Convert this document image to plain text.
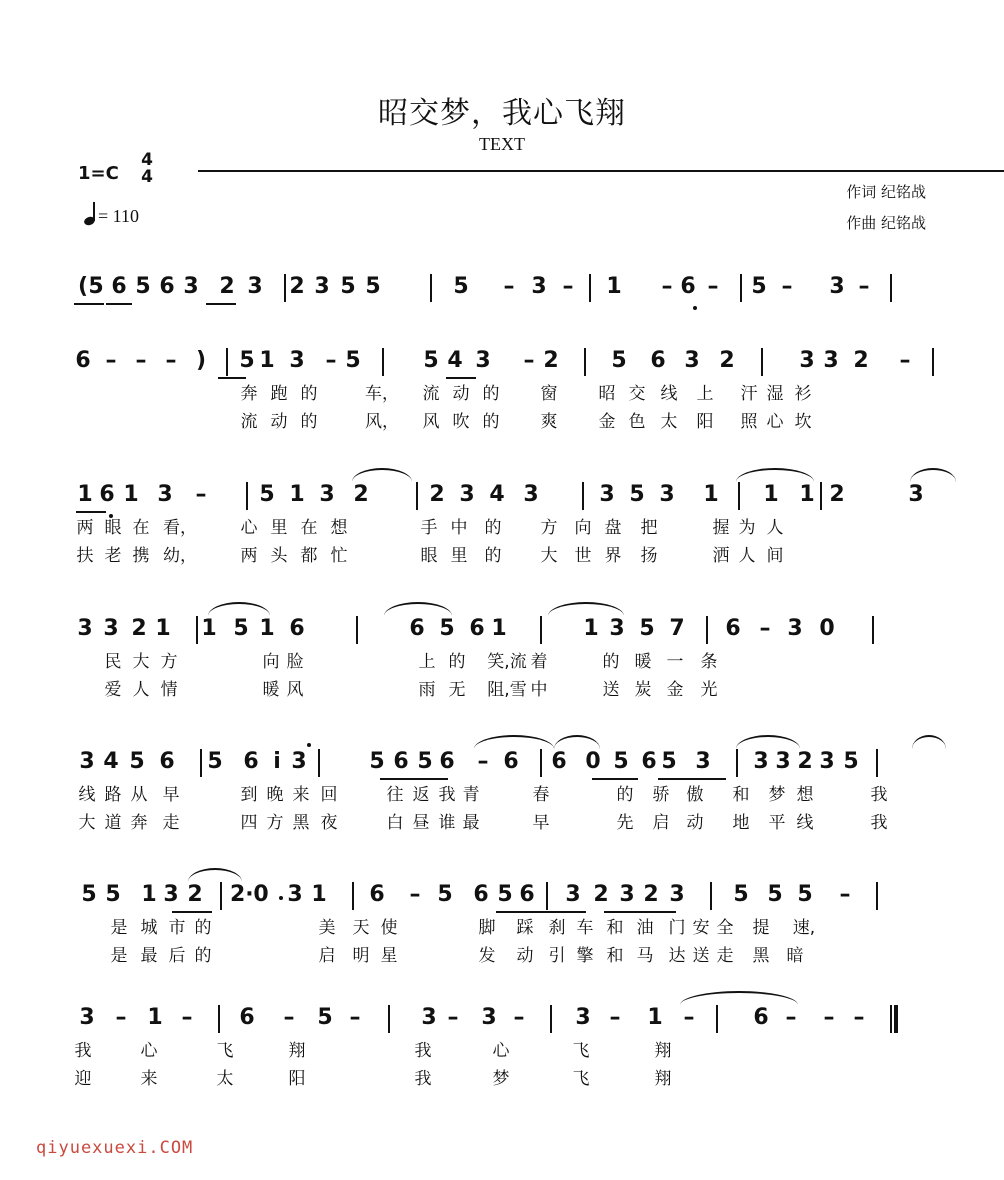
昭交梦，我心飞翔
TEXT
1=C
4
4
= 110
作词 纪铭战
作曲 纪铭战
( 5 6 5 6 3 2 3 2 3 5 5	5 – 3 – 1 – 6 – 5 – 3 –
6 – – – ) 5 1 3 – 5	5 4 3 – 2 5 6 3 2	3 3 2 –
奔 跑 的	车， 流 动 的 窗 昭 交 线 上 汗 湿 衫
流 动 的	风， 风 吹 的 爽 金 色 太 阳 照 心 坎
1 6 1 3 – 5 1 3 2	2 3 4 3	3 5 3 1 1 1 2	3
两 眼 在 看，	心 里 在 想	手 中 的 方 向 盘 把	握 为 人
扶 老 携 幼，	两 头 都 忙	眼 里 的 大 世 界 扬	洒 人 间
3 3 2 1 1 5 1 6	6 5 6 1	1 3 5 7 6 – 3 0
民 大 方	向 脸	上 的	笑,流 着	的 暖 一 条
爱 人 情	暖 风	雨 无	阻,雪 中	送 炭 金 光
3 4 5 6 5 6 i 3	5 6 5 6 – 6 6 0 5 6 5 3 3 3 2 3 5
线 路 从 早	到 晚 来 回	往 返 我 青	春	的 骄 傲 和 梦 想	我
大 道 奔 走	四 方 黑 夜	白 昼 谁 最	早	先 启 动 地 平 线	我
5 5 1 3 2 2· 0 3 1 6 – 5 6 5 6 3 2 3 2 3 5 5 5 –
是 城 市 的	美 天 使	脚 踩 刹 车 和 油 门 安 全 提	速,
是 最 后 的	启 明 星	发 动 引 擎 和 马 达 送 走 黑 暗
3 – 1 – 6 – 5 –	3 – 3 – 3 – 1 –	6 – – –
我	心	飞	翔	我	心	飞	翔
迎	来	太	阳	我	梦	飞	翔
qiyuexuexi.COM
